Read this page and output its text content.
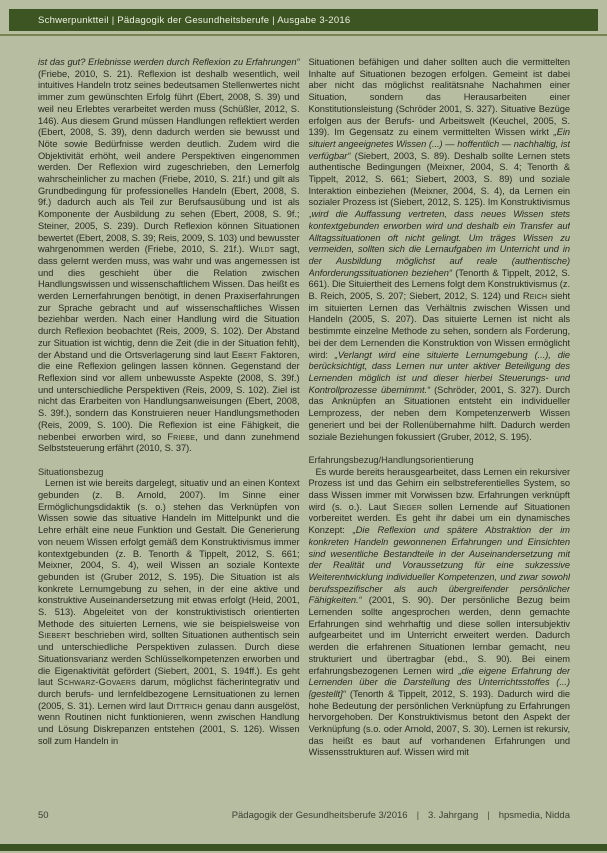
Schwerpunktteil | Pädagogik der Gesundheitsberufe | Ausgabe 3-2016

ist das gut? Erlebnisse werden durch Reflexion zu Erfahrungen“ (Friebe, 2010, S. 21). Reflexion ist deshalb wesentlich, weil intuitives Handeln trotz seines bedeutsamen Stellenwertes nicht immer zum gewünschten Erfolg führt (Ebert, 2008, S. 39) und weil neu Erlebtes verarbeitet werden muss (Schüßler, 2012, S. 146). Aus diesem Grund müssen Handlungen reflektiert werden (Ebert, 2008, S. 39), denn dadurch werden sie bewusst und Nöte sowie Bedürfnisse werden deutlich. Zudem wird die Objektivität erhöht, weil andere Perspektiven eingenommen werden. Der Reflexion wird zugeschrieben, den Lernerfolg wahrscheinlicher zu machen (Friebe, 2010, S. 21f.) und gilt als Grundbedingung für professionelles Handeln (Ebert, 2008, S. 9f.) dadurch auch als Teil zur Berufsausübung und ist als Komponente der Ausbildung zu sehen (Ebert, 2008, S. 9f.; Steiner, 2005, S. 239). Durch Reflexion können Situationen bewertet (Ebert, 2008, S. 39; Reis, 2009, S. 103) und bewusster wahrgenommen werden (Friebe, 2010, S. 21f.). Wildt sagt, dass gelernt werden muss, was wahr und was angemessen ist und dies geschieht über die Relation zwischen Handlungswissen und wissenschaftlichem Wissen. Das heißt es werden Lernerfahrungen benötigt, in denen Praxiserfahrungen zur Sprache gebracht und auf wissenschaftliches Wissen beziehbar werden. Nach einer Handlung wird die Situation durch Reflexion beobachtet (Reis, 2009, S. 102). Der Abstand zur Situation ist wichtig, denn die Zeit (die in der Situation fehlt), der Abstand und die Ortsverlagerung sind laut Ebert Faktoren, die eine Reflexion gelingen lassen können. Gegenstand der Reflexion sind vor allem unbewusste Aspekte (2008, S. 39f.) und unterschiedliche Perspektiven (Reis, 2009, S. 102). Ziel ist nicht das Erarbeiten von Handlungsanweisungen (Ebert, 2008, S. 39f.), sondern das Konstruieren neuer Handlungsmethoden (Reis, 2009, S. 100). Die Reflexion ist eine Fähigkeit, die nebenbei erworben wird, so Friebe, und dann zunehmend Selbststeuerung erfährt (2010, S. 37).

Situationsbezug

Lernen ist wie bereits dargelegt, situativ und an einen Kontext gebunden (z. B. Arnold, 2007). Im Sinne einer Ermöglichungsdidaktik (s. o.) stehen das Verknüpfen von Wissen sowie das situative Handeln im Mittelpunkt und die Lehre erhält eine neue Funktion und Gestalt. Die Generierung von neuem Wissen erfolgt gemäß dem Konstruktivismus immer kontextgebunden (z. B. Tenorth & Tippelt, 2012, S. 661; Meixner, 2004, S. 4), weil Wissen an soziale Kontexte gebunden ist (Gruber 2012, S. 195). Die Situation ist als konkrete Lernumgebung zu sehen, in der eine aktive und konstruktive Auseinandersetzung mit etwas erfolgt (Heid, 2001, S. 513). Abgeleitet von der konstruktivistisch orientierten Methode des situierten Lernens, wie sie beispielsweise von Siebert beschrieben wird, sollten Situationen authentisch sein und unterschiedliche Perspektiven zulassen. Durch diese Situationsvarianz werden Schlüsselkompetenzen erworben und die Eigenaktivität gefördert (Siebert, 2001, S. 194ff.). Es geht laut Schwarz-Govaers darum, möglichst fächerintegrativ und durch berufs- und lernfeldbezogene Lernsituationen zu lernen (2005, S. 31). Lernen wird laut Dittrich genau dann ausgelöst, wenn Routinen nicht funktionieren, wenn zwischen Handlung und Lösung Diskrepanzen entstehen (2001, S. 126). Wissen soll zum Handeln in

Situationen befähigen und daher sollten auch die vermittelten Inhalte auf Situationen bezogen erfolgen. Gemeint ist dabei aber nicht das möglichst realitätsnahe Nachahmen einer Situation, sondern das Herausarbeiten einer Konstitutionsleistung (Schröder 2001, S. 327). Situative Bezüge erfolgen aus der Berufs- und Arbeitswelt (Keuchel, 2005, S. 139). Im Gegensatz zu einem vermittelten Wissen wirkt „Ein situiert angeeignetes Wissen (...) — hoffentlich — nachhaltig, ist verfügbar“ (Siebert, 2003, S. 89). Deshalb sollte Lernen stets authentische Bedingungen (Meixner, 2004, S. 4; Tenorth & Tippelt, 2012, S. 661; Siebert, 2003, S. 89) und soziale Interaktion einbeziehen (Meixner, 2004, S. 4), da Lernen ein sozialer Prozess ist (Siebert, 2012, S. 125). Im Konstruktivismus „wird die Auffassung vertreten, dass neues Wissen stets kontextgebunden erworben wird und deshalb ein Transfer auf Alltagssituationen oft nicht gelingt. Um träges Wissen zu vermeiden, sollten sich die Lernaufgaben im Unterricht und in der Ausbildung möglichst auf reale (authentische) Anforderungssituationen beziehen“ (Tenorth & Tippelt, 2012, S. 661). Die Situiertheit des Lernens folgt dem Konstruktivismus (z. B. Reich, 2005, S. 207; Siebert, 2012, S. 124) und Reich sieht im situierten Lernen das Verhältnis zwischen Wissen und Handeln (2005, S. 207). Das situierte Lernen ist nicht als bestimmte einzelne Methode zu sehen, sondern als Forderung, bei der dem Lernenden die Konstruktion von Wissen ermöglicht wird: „Verlangt wird eine situierte Lernumgebung (...), die berücksichtigt, dass Lernen nur unter aktiver Beteiligung des Lernenden möglich ist und dieser hierbei Steuerungs- und Kontrollprozesse übernimmt.“ (Schröder, 2001, S. 327). Durch das Anknüpfen an Situationen entsteht ein individueller Lernprozess, der neben dem Kompetenzerwerb Wissen generiert und bei der Rollenübernahme hilft. Dadurch werden soziale Beziehungen fokussiert (Gruber, 2012, S. 195).

Erfahrungsbezug/Handlungsorientierung

Es wurde bereits herausgearbeitet, dass Lernen ein rekursiver Prozess ist und das Gehirn ein selbstreferentielles System, so dass Wissen immer mit Vorwissen bzw. Erfahrungen verknüpft wird (s. o.). Laut Sieger sollen Lernende auf Situationen vorbereitet werden. Es geht ihr dabei um ein dynamisches Konzept: „Die Reflexion und spätere Abstraktion der im konkreten Handeln gewonnenen Erfahrungen und Einsichten sind wesentliche Bestandteile in der Auseinandersetzung mit der Realität und Voraussetzung für eine sukzessive Weiterentwicklung individueller Kompetenzen, und zwar sowohl berufsspezifischer als auch übergreifender persönlicher Fähigkeiten.“ (2001, S. 90). Der persönliche Bezug beim Lernenden sollte angesprochen werden, denn gemachte Erfahrungen sind wehrhaftig und diese sollen intersubjektiv aufgearbeitet und im Unterricht erweitert werden. Dadurch werden die erfahrenen Situationen lernbar gemacht, neu strukturiert und übertragbar (ebd., S. 90). Bei einem erfahrungsbezogenen Lernen wird „die eigene Erfahrung der Lernenden über die Darstellung des Unterrichtsstoffes (...) [gestellt]“ (Tenorth & Tippelt, 2012, S. 193). Dadurch wird die hohe Bedeutung der persönlichen Verknüpfung zu Erfahrungen hervorgehoben. Der Konstruktivismus betont den Aspekt der Verknüpfung (s.o. oder Arnold, 2007, S. 30). Lernen ist rekursiv, das heißt es baut auf vorhandenen Erfahrungen und Wissensstrukturen auf. Wissen wird mit

50	Pädagogik der Gesundheitsberufe 3/2016 | 3. Jahrgang | hpsmedia, Nidda
